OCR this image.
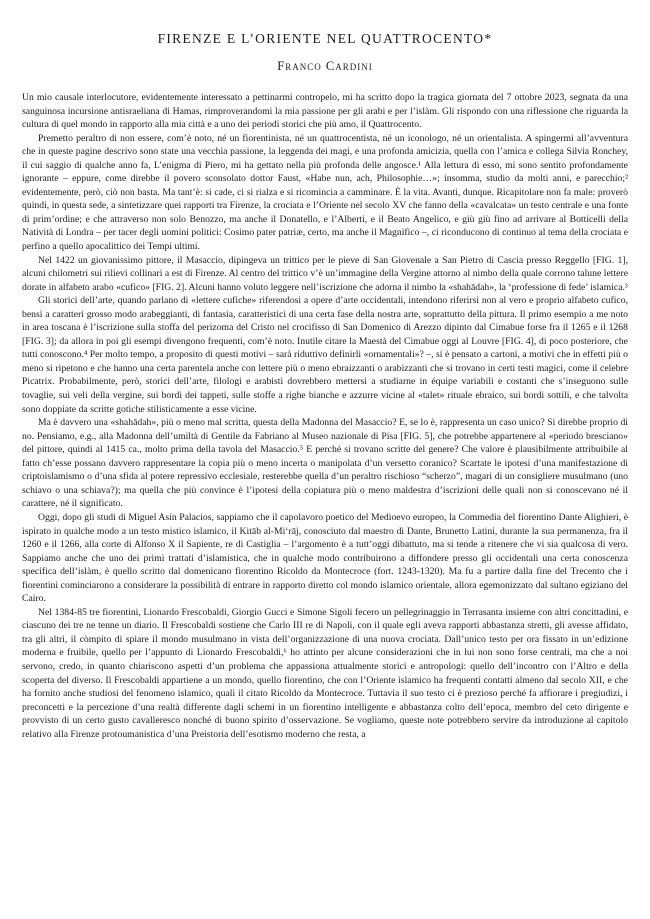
FIRENZE E L’ORIENTE NEL QUATTROCENTO*
Franco Cardini

Un mio causale interlocutore, evidentemente interessato a pettinarmi contropelo, mi ha scritto dopo la tragica giornata del 7 ottobre 2023, segnata da una sanguinosa incursione antisraeliana di Hamas, rimproverandomi la mia passione per gli arabi e per l’islàm. Gli rispondo con una riflessione che riguarda la cultura di quel mondo in rapporto alla mia città e a uno dei periodi storici che più amo, il Quattrocento.

Premetto peraltro di non essere, com’è noto, né un fiorentinista, né un quattrocentista, né un iconologo, né un orientalista. A spingermi all’avventura che in queste pagine descrivo sono state una vecchia passione, la leggenda dei magi, e una profonda amicizia, quella con l’amica e collega Silvia Ronchey, il cui saggio di qualche anno fa, L’enigma di Piero, mi ha gettato nella più profonda delle angosce.¹ Alla lettura di esso, mi sono sentito profondamente ignorante – eppure, come direbbe il povero sconsolato dottor Faust, «Habe nun, ach, Philosophie…»; insomma, studio da molti anni, e parecchio;² evidentemente, però, ciò non basta. Ma tant’è: si cade, ci si rialza e si ricomincia a camminare. È la vita. Avanti, dunque. Ricapitolare non fa male: proverò quindi, in questa sede, a sintetizzare quei rapporti tra Firenze, la crociata e l’Oriente nel secolo XV che fanno della «cavalcata» un testo centrale e una fonte di prim’ordine; e che attraverso non solo Benozzo, ma anche il Donatello, e l’Alberti, e il Beato Angelico, e giù giù fino ad arrivare al Botticelli della Natività di Londra – per tacer degli uomini politici: Cosimo pater patriæ, certo, ma anche il Magnifico –, ci riconducono di continuo al tema della crociata e perfino a quello apocalittico dei Tempi ultimi.

Nel 1422 un giovanissimo pittore, il Masaccio, dipingeva un trittico per le pieve di San Giovenale a San Pietro di Cascia presso Reggello [FIG. 1], alcuni chilometri sui rilievi collinari a est di Firenze. Al centro del trittico v’è un’immagine della Vergine attorno al nimbo della quale corrono talune lettere dorate in alfabeto arabo «cufico» [FIG. 2]. Alcuni hanno voluto leggere nell’iscrizione che adorna il nimbo la «shahādah», la ‘professione di fede’ islamica.³

Gli storici dell’arte, quando parlano di «lettere cufiche» riferendosi a opere d’arte occidentali, intendono riferirsi non al vero e proprio alfabeto cufico, bensì a caratteri grosso modo arabeggianti, di fantasia, caratteristici di una certa fase della nostra arte, soprattutto della pittura. Il primo esempio a me noto in area toscana è l’iscrizione sulla stoffa del perizoma del Cristo nel crocifisso di San Domenico di Arezzo dipinto dal Cimabue forse fra il 1265 e il 1268 [FIG. 3]; da allora in poi gli esempi divengono frequenti, com’è noto. Inutile citare la Maestà del Cimabue oggi al Louvre [FIG. 4], di poco posteriore, che tutti conoscono.⁴ Per molto tempo, a proposito di questi motivi – sarà riduttivo definirli «ornamentali»? –, si è pensato a cartoni, a motivi che in effetti più o meno si ripetono e che hanno una certa parentela anche con lettere più o meno ebraizzanti o arabizzanti che si trovano in certi testi magici, come il celebre Picatrix. Probabilmente, però, storici dell’arte, filologi e arabisti dovrebbero mettersi a studiarne in équipe variabili e costanti che s’inseguono sulle tovaglie, sui veli della vergine, sui bordi dei tappeti, sulle stoffe a righe bianche e azzurre vicine al «talet» rituale ebraico, sui bordi sottili, e che talvolta sono doppiate da scritte gotiche stilisticamente a esse vicine.

Ma è davvero una «shahādah», più o meno mal scritta, questa della Madonna del Masaccio? E, se lo è, rappresenta un caso unico? Si direbbe proprio di no. Pensiamo, e.g., alla Madonna dell’umiltà di Gentile da Fabriano al Museo nazionale di Pisa [FIG. 5], che potrebbe appartenere al «periodo bresciano» del pittore, quindi al 1415 ca., molto prima della tavola del Masaccio.⁵ E perché si trovano scritte del genere? Che valore è plausibilmente attribuibile al fatto ch’esse possano davvero rappresentare la copia più o meno incerta o manipolata d’un versetto coranico? Scartate le ipotesi d’una manifestazione di criptoislamismo o d’una sfida al potere repressivo ecclesiale, resterebbe quella d’un peraltro rischioso “scherzo”, magari di un consigliere musulmano (uno schiavo o una schiava?); ma quella che più convince è l’ipotesi della copiatura più o meno maldestra d’iscrizioni delle quali non si conoscevano né il carattere, né il significato.

Oggi, dopo gli studi di Miguel Asín Palacios, sappiamo che il capolavoro poetico del Medioevo europeo, la Commedia del fiorentino Dante Alighieri, è ispirato in qualche modo a un testo mistico islamico, il Kitāb al-Mi‘rāj, conosciuto dal maestro di Dante, Brunetto Latini, durante la sua permanenza, fra il 1260 e il 1266, alla corte di Alfonso X il Sapiente, re di Castiglia – l’argomento è a tutt’oggi dibattuto, ma si tende a ritenere che vi sia qualcosa di vero. Sappiamo anche che uno dei primi trattati d’islamistica, che in qualche modo contribuirono a diffondere presso gli occidentali una certa conoscenza specifica dell’islàm, è quello scritto dal domenicano fiorentino Ricoldo da Montecroce (fort. 1243-1320). Ma fu a partire dalla fine del Trecento che i fiorentini cominciarono a considerare la possibilità di entrare in rapporto diretto col mondo islamico orientale, allora egemonizzato dal sultano egiziano del Cairo.

Nel 1384-85 tre fiorentini, Lionardo Frescobaldi, Giorgio Gucci e Simone Sigoli fecero un pellegrinaggio in Terrasanta insieme con altri concittadini, e ciascuno dei tre ne tenne un diario. Il Frescobaldi sostiene che Carlo III re di Napoli, con il quale egli aveva rapporti abbastanza stretti, gli avesse affidato, tra gli altri, il còmpito di spiare il mondo musulmano in vista dell’organizzazione di una nuova crociata. Dall’unico testo per ora fissato in un’edizione moderna e fruibile, quello per l’appunto di Lionardo Frescobaldi,⁶ ho attinto per alcune considerazioni che in lui non sono forse centrali, ma che a noi servono, credo, in quanto chiariscono aspetti d’un problema che appassiona attualmente storici e antropologi: quello dell’incontro con l’Altro e della scoperta del diverso. Il Frescobaldi appartiene a un mondo, quello fiorentino, che con l’Oriente islamico ha frequenti contatti almeno dal secolo XII, e che ha fornito anche studiosi del fenomeno islamico, quali il citato Ricoldo da Montecroce. Tuttavia il suo testo ci è prezioso perché fa affiorare i pregiudizi, i preconcetti e la percezione d’una realtà differente dagli schemi in un fiorentino intelligente e abbastanza colto dell’epoca, membro del ceto dirigente e provvisto di un certo gusto cavalleresco nonché di buono spirito d’osservazione. Se vogliamo, queste note potrebbero servire da introduzione al capitolo relativo alla Firenze protoumanistica d’una Preistoria dell’esotismo moderno che resta, a
